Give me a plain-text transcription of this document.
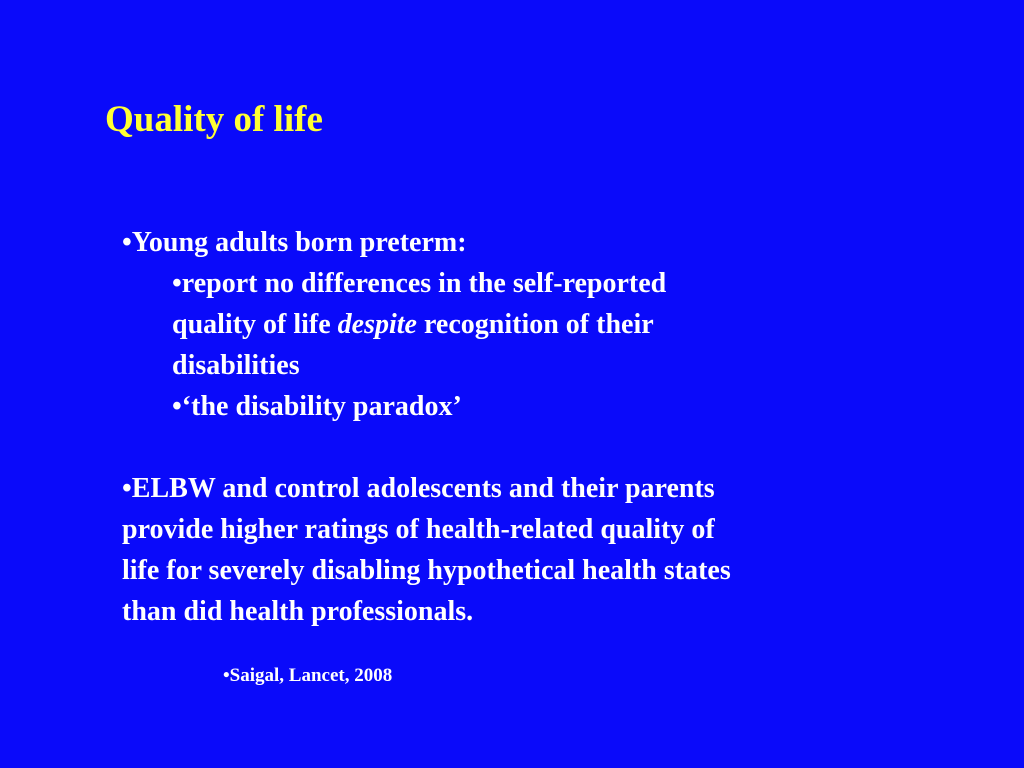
Quality of life
•Young adults born preterm:
•report no differences in the self-reported
quality of life despite recognition of their
disabilities
•‘the disability paradox’
•ELBW and control adolescents and their parents
provide higher ratings of health-related quality of
life for severely disabling hypothetical health states
than did health professionals.
•Saigal, Lancet, 2008
